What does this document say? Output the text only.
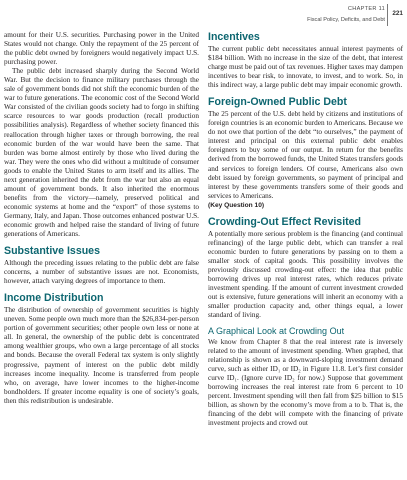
CHAPTER 11
Fiscal Policy, Deficits, and Debt
221

amount for their U.S. securities. Purchasing power in the United States would not change. Only the repayment of the 25 percent of the public debt owned by foreigners would negatively impact U.S. purchasing power.

The public debt increased sharply during the Second World War. But the decision to finance military purchases through the sale of government bonds did not shift the economic burden of the war to future generations. The economic cost of the Second World War consisted of the civilian goods society had to forgo in shifting scarce resources to war goods production (recall production possibilities analysis). Regardless of whether society financed this reallocation through higher taxes or through borrowing, the real economic burden of the war would have been the same. That burden was borne almost entirely by those who lived during the war. They were the ones who did without a multitude of consumer goods to enable the United States to arm itself and its allies. The next generation inherited the debt from the war but also an equal amount of government bonds. It also inherited the enormous benefits from the victory—namely, preserved political and economic systems at home and the “export” of those systems to Germany, Italy, and Japan. Those outcomes enhanced postwar U.S. economic growth and helped raise the standard of living of future generations of Americans.

Substantive Issues

Although the preceding issues relating to the public debt are false concerns, a number of substantive issues are not. Economists, however, attach varying degrees of importance to them.

Income Distribution

The distribution of ownership of government securities is highly uneven. Some people own much more than the $26,834-per-person portion of government securities; other people own less or none at all. In general, the ownership of the public debt is concentrated among wealthier groups, who own a large percentage of all stocks and bonds. Because the overall Federal tax system is only slightly progressive, payment of interest on the public debt mildly increases income inequality. Income is transferred from people who, on average, have lower incomes to the higher-income bondholders. If greater income equality is one of society’s goals, then this redistribution is undesirable.

Incentives

The current public debt necessitates annual interest payments of $184 billion. With no increase in the size of the debt, that interest charge must be paid out of tax revenues. Higher taxes may dampen incentives to bear risk, to innovate, to invest, and to work. So, in this indirect way, a large public debt may impair economic growth.

Foreign-Owned Public Debt

The 25 percent of the U.S. debt held by citizens and institutions of foreign countries is an economic burden to Americans. Because we do not owe that portion of the debt “to ourselves,” the payment of interest and principal on this external public debt enables foreigners to buy some of our output. In return for the benefits derived from the borrowed funds, the United States transfers goods and services to foreign lenders. Of course, Americans also own debt issued by foreign governments, so payment of principal and interest by these governments transfers some of their goods and services to Americans.

(Key Question 10)

Crowding-Out Effect Revisited

A potentially more serious problem is the financing (and continual refinancing) of the large public debt, which can transfer a real economic burden to future generations by passing on to them a smaller stock of capital goods. This possibility involves the previously discussed crowding-out effect: the idea that public borrowing drives up real interest rates, which reduces private investment spending. If the amount of current investment crowded out is extensive, future generations will inherit an economy with a smaller production capacity and, other things equal, a lower standard of living.

A Graphical Look at Crowding Out

We know from Chapter 8 that the real interest rate is inversely related to the amount of investment spending. When graphed, that relationship is shown as a downward-sloping investment demand curve, such as either ID₁ or ID₂ in Figure 11.8. Let’s first consider curve ID₁. (Ignore curve ID₂ for now.) Suppose that government borrowing increases the real interest rate from 6 percent to 10 percent. Investment spending will then fall from $25 billion to $15 billion, as shown by the economy’s move from a to b. That is, the financing of the debt will compete with the financing of private investment projects and crowd out
